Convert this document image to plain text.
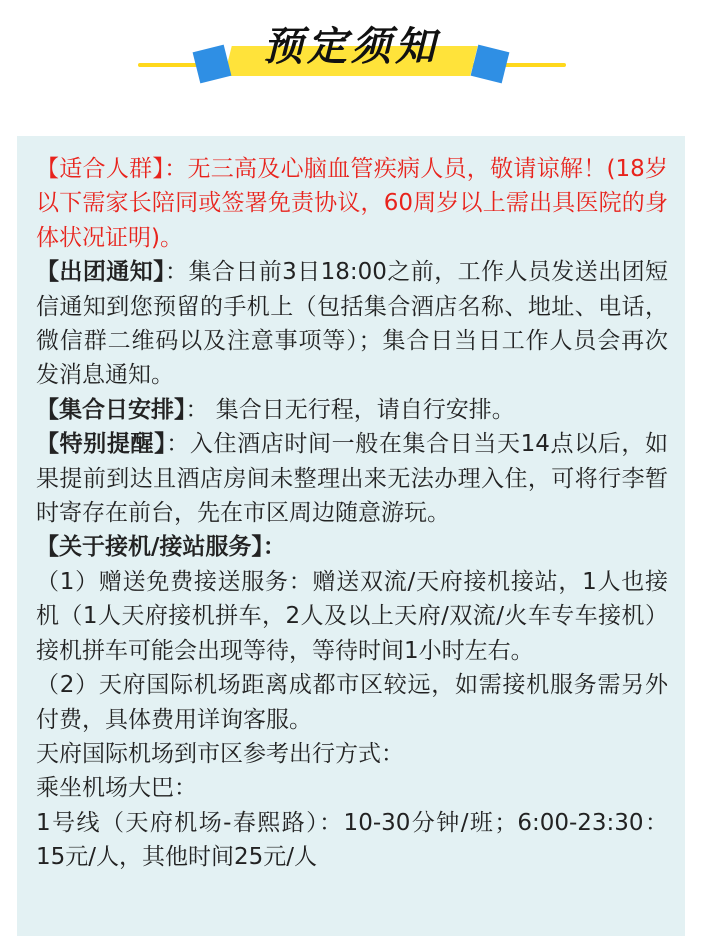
预定须知

【适合人群】：无三高及心脑血管疾病人员，敬请谅解！(18岁以下需家长陪同或签署免责协议，60周岁以上需出具医院的身体状况证明)。

【出团通知】：集合日前3日18:00之前，工作人员发送出团短信通知到您预留的手机上（包括集合酒店名称、地址、电话，微信群二维码以及注意事项等）；集合日当日工作人员会再次发消息通知。

【集合日安排】： 集合日无行程，请自行安排。

【特别提醒】：入住酒店时间一般在集合日当天14点以后，如果提前到达且酒店房间未整理出来无法办理入住，可将行李暂时寄存在前台，先在市区周边随意游玩。

【关于接机/接站服务】：

（1）赠送免费接送服务：赠送双流/天府接机接站，1人也接机（1人天府接机拼车，2人及以上天府/双流/火车专车接机）接机拼车可能会出现等待，等待时间1小时左右。

（2）天府国际机场距离成都市区较远，如需接机服务需另外付费，具体费用详询客服。

天府国际机场到市区参考出行方式：

乘坐机场大巴：

1号线（天府机场-春熙路）：10-30分钟/班；6:00-23:30：15元/人，其他时间25元/人
